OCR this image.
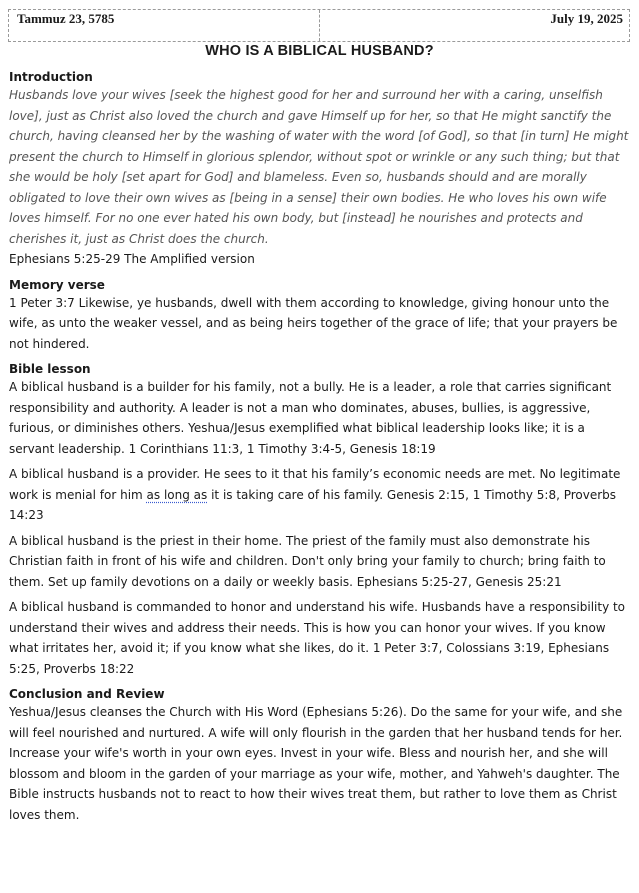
Tammuz 23, 5785	July 19, 2025
WHO IS A BIBLICAL HUSBAND?
Introduction

Husbands love your wives [seek the highest good for her and surround her with a caring, unselfish love], just as Christ also loved the church and gave Himself up for her, so that He might sanctify the church, having cleansed her by the washing of water with the word [of God], so that [in turn] He might present the church to Himself in glorious splendor, without spot or wrinkle or any such thing; but that she would be holy [set apart for God] and blameless. Even so, husbands should and are morally obligated to love their own wives as [being in a sense] their own bodies. He who loves his own wife loves himself. For no one ever hated his own body, but [instead] he nourishes and protects and cherishes it, just as Christ does the church.

Ephesians 5:25-29 The Amplified version

Memory verse

1 Peter 3:7 Likewise, ye husbands, dwell with them according to knowledge, giving honour unto the wife, as unto the weaker vessel, and as being heirs together of the grace of life; that your prayers be not hindered.

Bible lesson

A biblical husband is a builder for his family, not a bully. He is a leader, a role that carries significant responsibility and authority. A leader is not a man who dominates, abuses, bullies, is aggressive, furious, or diminishes others. Yeshua/Jesus exemplified what biblical leadership looks like; it is a servant leadership. 1 Corinthians 11:3, 1 Timothy 3:4-5, Genesis 18:19

A biblical husband is a provider. He sees to it that his family’s economic needs are met. No legitimate work is menial for him as long as it is taking care of his family. Genesis 2:15, 1 Timothy 5:8, Proverbs 14:23

A biblical husband is the priest in their home. The priest of the family must also demonstrate his Christian faith in front of his wife and children. Don't only bring your family to church; bring faith to them. Set up family devotions on a daily or weekly basis. Ephesians 5:25-27, Genesis 25:21

A biblical husband is commanded to honor and understand his wife. Husbands have a responsibility to understand their wives and address their needs. This is how you can honor your wives. If you know what irritates her, avoid it; if you know what she likes, do it. 1 Peter 3:7, Colossians 3:19, Ephesians 5:25, Proverbs 18:22

Conclusion and Review

Yeshua/Jesus cleanses the Church with His Word (Ephesians 5:26). Do the same for your wife, and she will feel nourished and nurtured. A wife will only flourish in the garden that her husband tends for her. Increase your wife's worth in your own eyes. Invest in your wife. Bless and nourish her, and she will blossom and bloom in the garden of your marriage as your wife, mother, and Yahweh's daughter. The Bible instructs husbands not to react to how their wives treat them, but rather to love them as Christ loves them.
